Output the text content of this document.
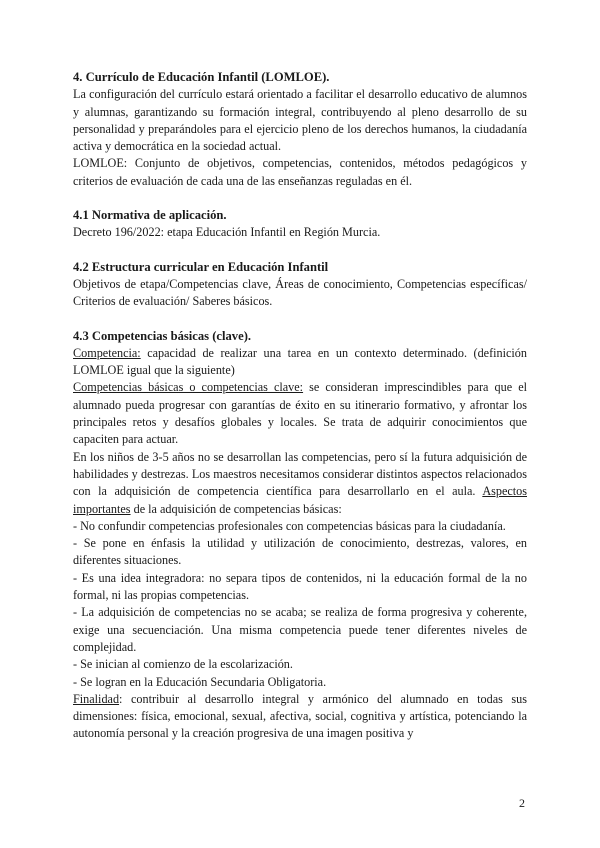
4. Currículo de Educación Infantil (LOMLOE).

La configuración del currículo estará orientado a facilitar el desarrollo educativo de alumnos y alumnas, garantizando su formación integral, contribuyendo al pleno desarrollo de su personalidad y preparándoles para el ejercicio pleno de los derechos humanos, la ciudadanía activa y democrática en la sociedad actual.

LOMLOE: Conjunto de objetivos, competencias, contenidos, métodos pedagógicos y criterios de evaluación de cada una de las enseñanzas reguladas en él.

4.1 Normativa de aplicación.

Decreto 196/2022: etapa Educación Infantil en Región Murcia.

4.2 Estructura curricular en Educación Infantil

Objetivos de etapa/Competencias clave, Áreas de conocimiento, Competencias específicas/ Criterios de evaluación/ Saberes básicos.

4.3 Competencias básicas (clave).

Competencia: capacidad de realizar una tarea en un contexto determinado. (definición LOMLOE igual que la siguiente)

Competencias básicas o competencias clave: se consideran imprescindibles para que el alumnado pueda progresar con garantías de éxito en su itinerario formativo, y afrontar los principales retos y desafíos globales y locales. Se trata de adquirir conocimientos que capaciten para actuar.

En los niños de 3-5 años no se desarrollan las competencias, pero sí la futura adquisición de habilidades y destrezas. Los maestros necesitamos considerar distintos aspectos relacionados con la adquisición de competencia científica para desarrollarlo en el aula. Aspectos importantes de la adquisición de competencias básicas:

- No confundir competencias profesionales con competencias básicas para la ciudadanía.

- Se pone en énfasis la utilidad y utilización de conocimiento, destrezas, valores, en diferentes situaciones.

- Es una idea integradora: no separa tipos de contenidos, ni la educación formal de la no formal, ni las propias competencias.

- La adquisición de competencias no se acaba; se realiza de forma progresiva y coherente, exige una secuenciación. Una misma competencia puede tener diferentes niveles de complejidad.

- Se inician al comienzo de la escolarización.

- Se logran en la Educación Secundaria Obligatoria.

Finalidad: contribuir al desarrollo integral y armónico del alumnado en todas sus dimensiones: física, emocional, sexual, afectiva, social, cognitiva y artística, potenciando la autonomía personal y la creación progresiva de una imagen positiva y

2
